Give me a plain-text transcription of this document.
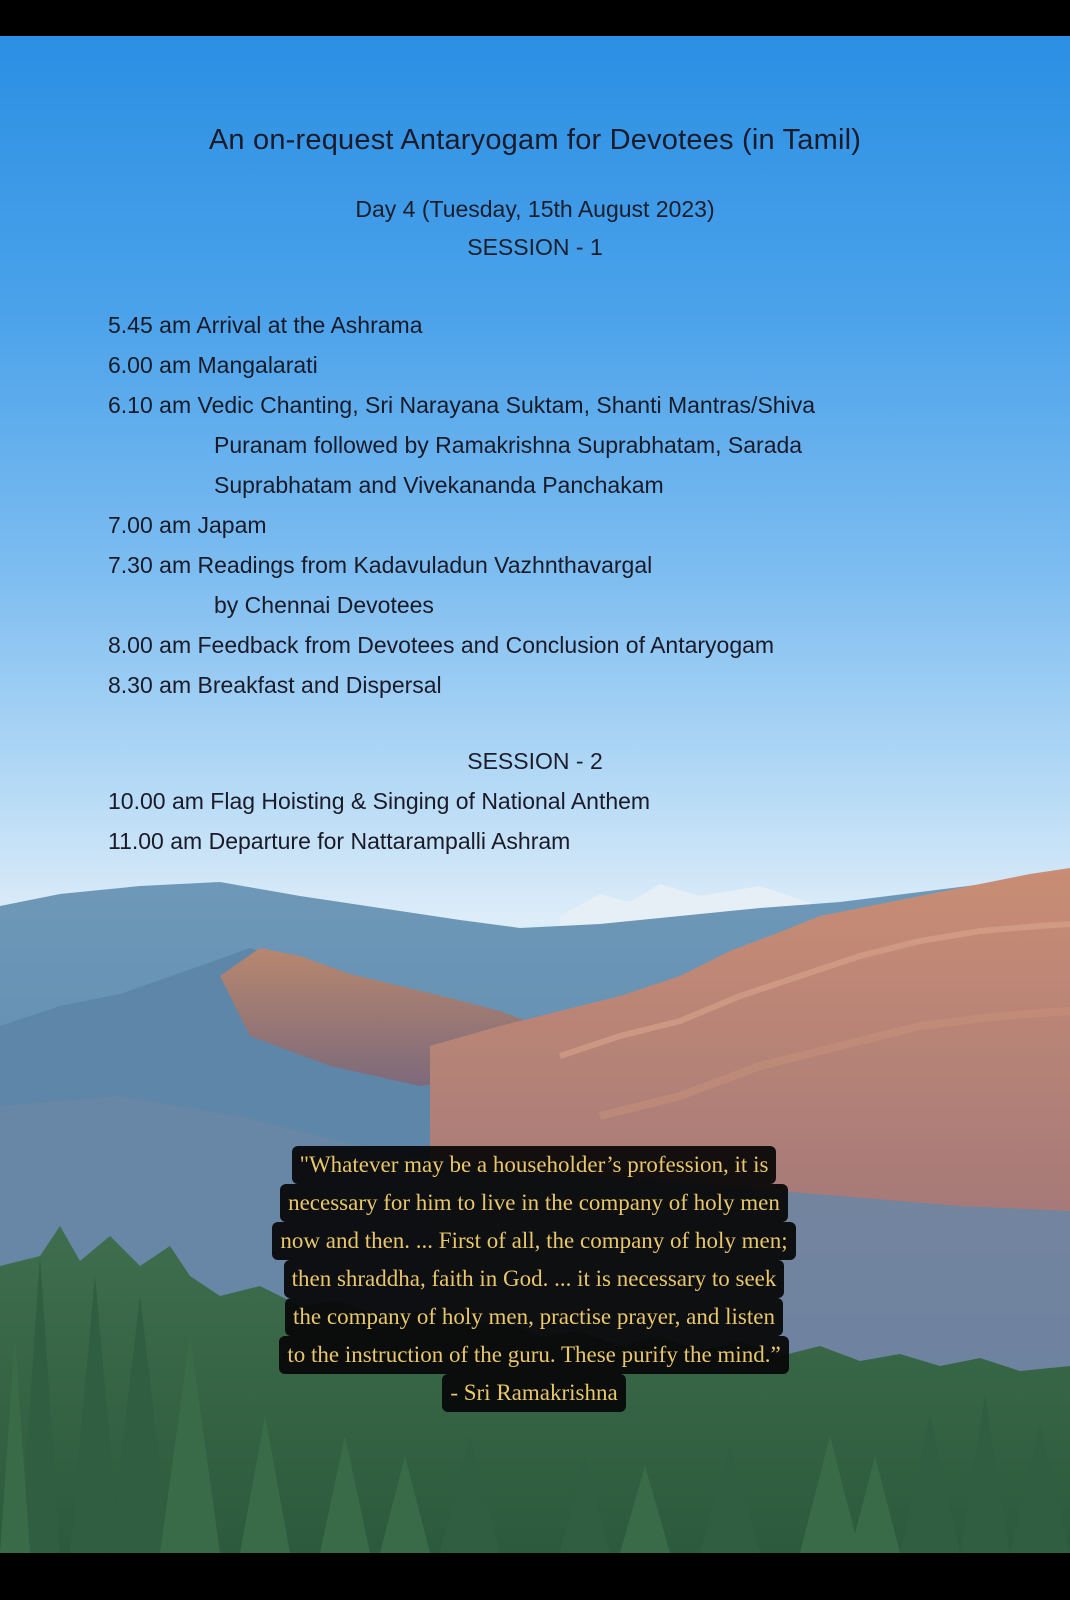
An on-request Antaryogam for Devotees (in Tamil)
Day 4 (Tuesday, 15th August 2023)
SESSION - 1
5.45 am Arrival at the Ashrama
6.00 am Mangalarati
6.10 am Vedic Chanting, Sri Narayana Suktam, Shanti Mantras/Shiva
Puranam followed by Ramakrishna Suprabhatam, Sarada
Suprabhatam and Vivekananda Panchakam
7.00 am Japam
7.30 am Readings from Kadavuladun Vazhnthavargal
by Chennai Devotees
8.00 am Feedback from Devotees and Conclusion of Antaryogam
8.30 am Breakfast and Dispersal
SESSION - 2
10.00 am Flag Hoisting & Singing of National Anthem
11.00 am Departure for Nattarampalli Ashram
"Whatever may be a householder’s profession, it is
necessary for him to live in the company of holy men
now and then. ... First of all, the company of holy men;
then shraddha, faith in God. ... it is necessary to seek
the company of holy men, practise prayer, and listen
to the instruction of the guru. These purify the mind.”
- Sri Ramakrishna
